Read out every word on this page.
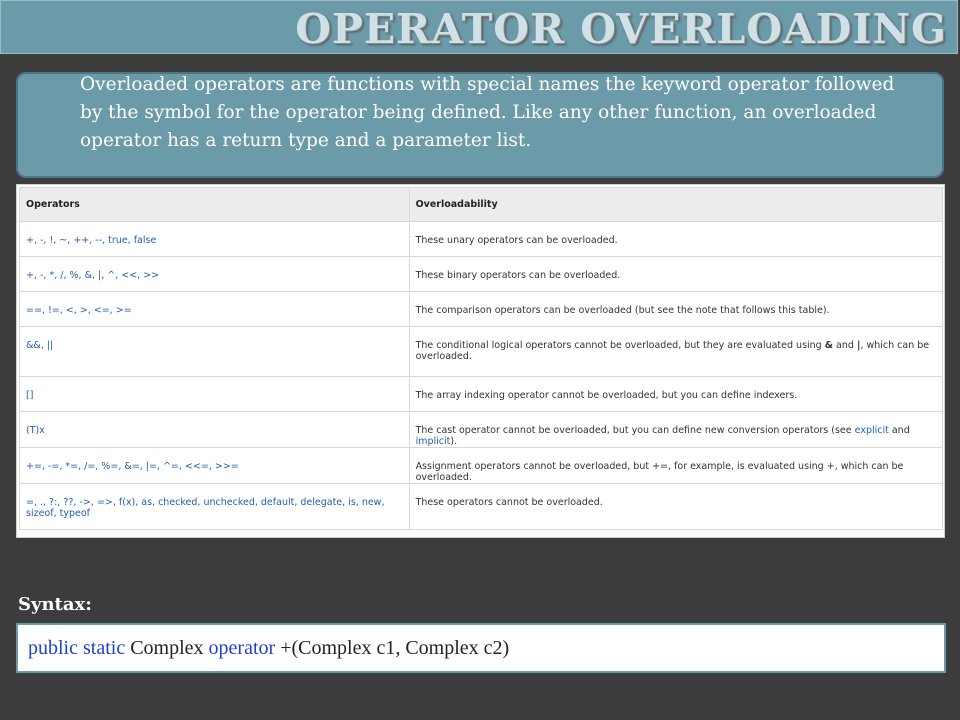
OPERATOR OVERLOADING
Overloaded operators are functions with special names the keyword operator followed by the symbol for the operator being defined. Like any other function, an overloaded operator has a return type and a parameter list.
Operators	Overloadability
+, -, !, ~, ++, --, true, false	These unary operators can be overloaded.
+, -, *, /, %, &, |, ^, <<, >>	These binary operators can be overloaded.
==, !=, <, >, <=, >=	The comparison operators can be overloaded (but see the note that follows this table).
&&, ||	The conditional logical operators cannot be overloaded, but they are evaluated using & and |, which can be overloaded.
[]	The array indexing operator cannot be overloaded, but you can define indexers.
(T)x	The cast operator cannot be overloaded, but you can define new conversion operators (see explicit and implicit).
+=, -=, *=, /=, %=, &=, |=, ^=, <<=, >>=	Assignment operators cannot be overloaded, but +=, for example, is evaluated using +, which can be overloaded.
=, ., ?:, ??, ->, =>, f(x), as, checked, unchecked, default, delegate, is, new, sizeof, typeof	These operators cannot be overloaded.
Syntax:
public static Complex operator +(Complex c1, Complex c2)
